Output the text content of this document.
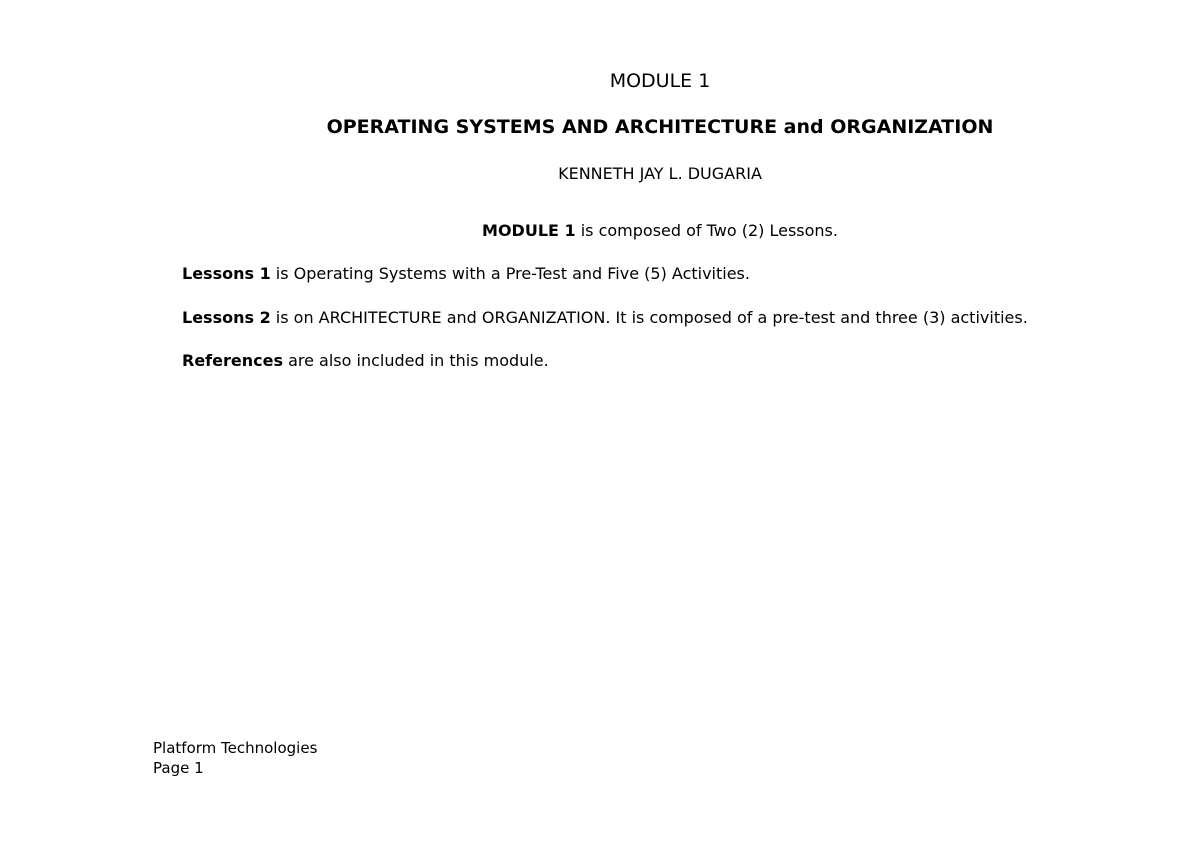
MODULE 1
OPERATING SYSTEMS AND ARCHITECTURE and ORGANIZATION
KENNETH JAY L. DUGARIA
MODULE 1 is composed of Two (2) Lessons.
Lessons 1 is Operating Systems with a Pre-Test and Five (5) Activities.
Lessons 2 is on ARCHITECTURE and ORGANIZATION. It is composed of a pre-test and three (3) activities.
References are also included in this module.
Platform Technologies
Page 1
